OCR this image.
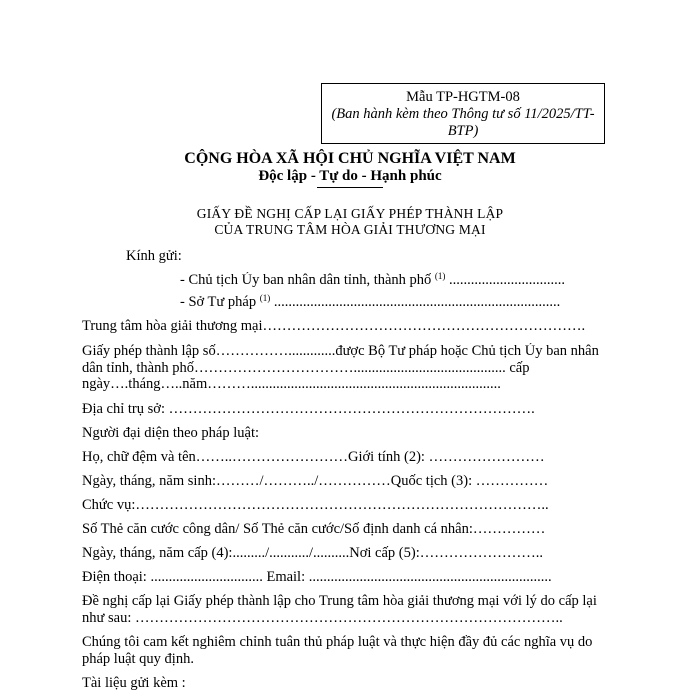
Mẫu TP-HGTM-08
(Ban hành kèm theo Thông tư số 11/2025/TT-BTP)
CỘNG HÒA XÃ HỘI CHỦ NGHĨA VIỆT NAM
Độc lập - Tự do - Hạnh phúc
GIẤY ĐỀ NGHỊ CẤP LẠI GIẤY PHÉP THÀNH LẬP
CỦA TRUNG TÂM HÒA GIẢI THƯƠNG MẠI
Kính gửi:
- Chủ tịch Ủy ban nhân dân tỉnh, thành phố $^{(1)}$ ................................
- Sở Tư pháp $^{(1)}$ ...............................................................................
Trung tâm hòa giải thương mại………………………………………………………….
Giấy phép thành lập số…………….............được Bộ Tư pháp hoặc Chủ tịch Ủy ban nhân
dân tỉnh, thành phố…………………………….......................................... cấp
ngày….tháng…..năm……….....................................................................
Địa chỉ trụ sở: ………………………………………………………………….
Người đại diện theo pháp luật:
Họ, chữ đệm và tên……..……………………Giới tính (2): ……………………
Ngày, tháng, năm sinh:………/………../……………Quốc tịch (3): ……………
Chức vụ:…………………………………………………………………………..
Số Thẻ căn cước công dân/ Số Thẻ căn cước/Số định danh cá nhân:……………
Ngày, tháng, năm cấp (4):........./.........../..........Nơi cấp (5):……………………..
Điện thoại: ............................... Email: ...................................................................
Đề nghị cấp lại Giấy phép thành lập cho Trung tâm hòa giải thương mại với lý do cấp lại
như sau: ……………………………………………………………………………..
Chúng tôi cam kết nghiêm chỉnh tuân thủ pháp luật và thực hiện đầy đủ các nghĩa vụ do
pháp luật quy định.
Tài liệu gửi kèm :
